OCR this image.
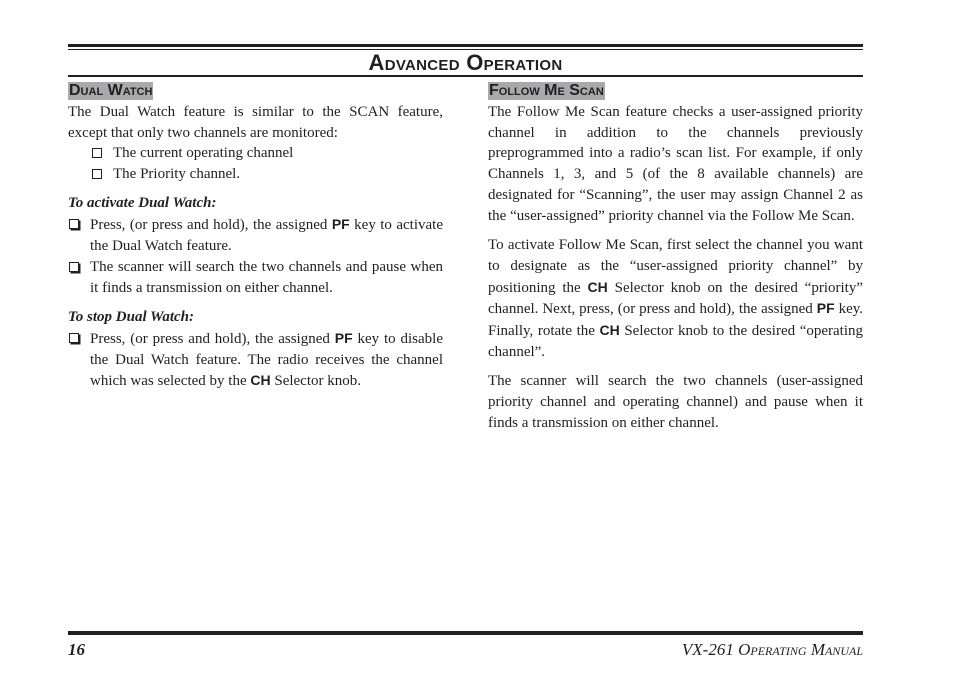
Advanced Operation
Dual Watch

The Dual Watch feature is similar to the SCAN feature, except that only two channels are monitored:

The current operating channel
The Priority channel.
To activate Dual Watch:
Press, (or press and hold), the assigned PF key to activate the Dual Watch feature.
The scanner will search the two channels and pause when it finds a transmission on either channel.
To stop Dual Watch:
Press, (or press and hold), the assigned PF key to disable the Dual Watch feature. The radio receives the channel which was selected by the CH Selector knob.
Follow Me Scan

The Follow Me Scan feature checks a user-assigned priority channel in addition to the channels previously preprogrammed into a radio’s scan list. For example, if only Channels 1, 3, and 5 (of the 8 available channels) are designated for “Scanning”, the user may assign Channel 2 as the “user-assigned” priority channel via the Follow Me Scan.

To activate Follow Me Scan, first select the channel you want to designate as the “user-assigned priority channel” by positioning the CH Selector knob on the desired “priority” channel. Next, press, (or press and hold), the assigned PF key. Finally, rotate the CH Selector knob to the desired “operating channel”.

The scanner will search the two channels (user-assigned priority channel and operating channel) and pause when it finds a transmission on either channel.

16	VX-261 Operating Manual
